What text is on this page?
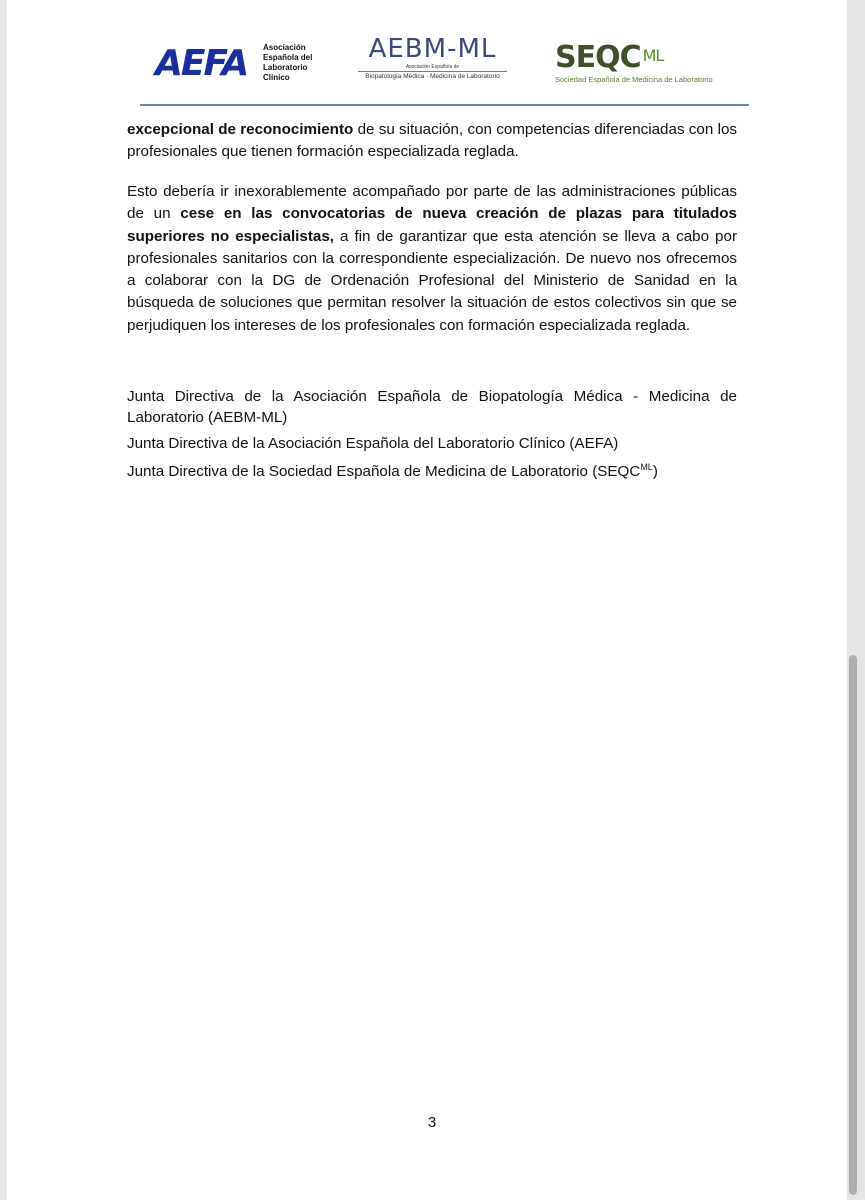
AEFA Asociación Española del Laboratorio Clínico
AEBM-ML
Asociación Española de
Biopatología Médica · Medicina de Laboratorio
SEQC $^{ML}$
Sociedad Española de Medicina de Laboratorio
excepcional de reconocimiento de su situación, con competencias diferenciadas con los profesionales que tienen formación especializada reglada.
Esto debería ir inexorablemente acompañado por parte de las administraciones públicas de un cese en las convocatorias de nueva creación de plazas para titulados superiores no especialistas, a fin de garantizar que esta atención se lleva a cabo por profesionales sanitarios con la correspondiente especialización. De nuevo nos ofrecemos a colaborar con la DG de Ordenación Profesional del Ministerio de Sanidad en la búsqueda de soluciones que permitan resolver la situación de estos colectivos sin que se perjudiquen los intereses de los profesionales con formación especializada reglada.
Junta Directiva de la Asociación Española de Biopatología Médica - Medicina de Laboratorio (AEBM-ML)
Junta Directiva de la Asociación Española del Laboratorio Clínico (AEFA)
Junta Directiva de la Sociedad Española de Medicina de Laboratorio $(SEQC^{ML})$
3
